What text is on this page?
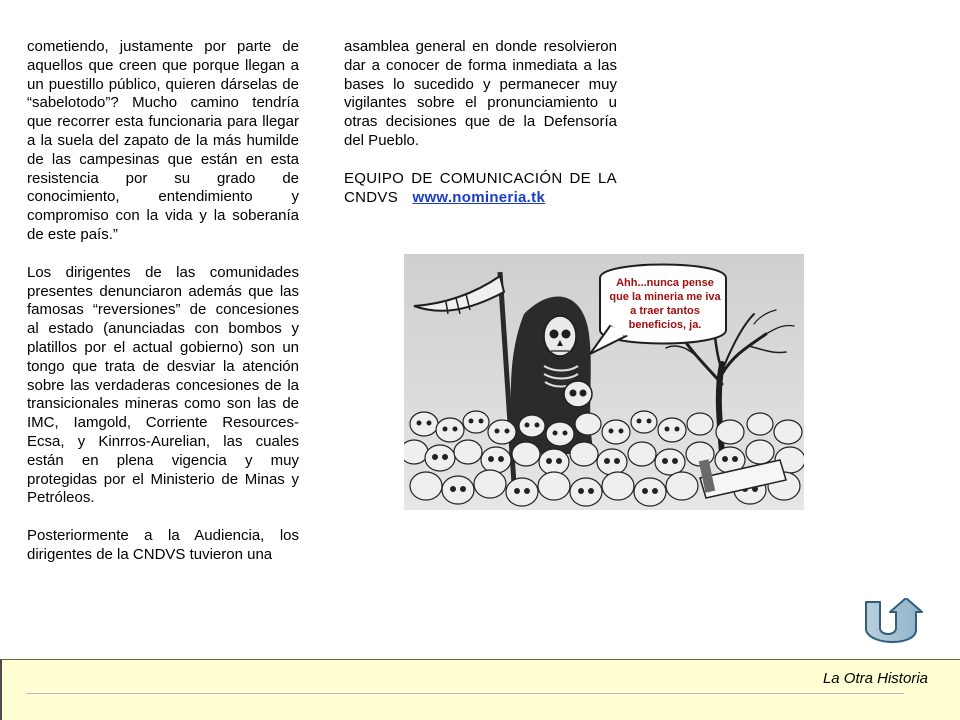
cometiendo, justamente por parte de aquellos que creen que porque llegan a un puestillo público, quieren dárselas de “sabelotodo”? Mucho camino tendría que recorrer esta funcionaria para llegar a la suela del zapato de la más humilde de las campesinas que están en esta resistencia por su grado de conocimiento, entendimiento y compromiso con la vida y la soberanía de este país.”

Los dirigentes de las comunidades presentes denunciaron además que las famosas “reversiones” de concesiones al estado (anunciadas con bombos y platillos por el actual gobierno) son un tongo que trata de desviar la atención sobre las verdaderas concesiones de la transicionales mineras como son las de IMC, Iamgold, Corriente Resources-Ecsa, y Kinrros-Aurelian, las cuales están en plena vigencia y muy protegidas por el Ministerio de Minas y Petróleos.

Posteriormente a la Audiencia, los dirigentes de la CNDVS tuvieron una

asamblea general en donde resolvieron dar a conocer de forma inmediata a las bases lo sucedido y permanecer muy vigilantes sobre el pronunciamiento u otras decisiones que de la Defensoría del Pueblo.

EQUIPO DE COMUNICACIÓN DE LA CNDVS www.nomineria.tk
Ahh...nunca pense que la mineria me iva a traer tantos beneficios, ja.
La Otra Historia
